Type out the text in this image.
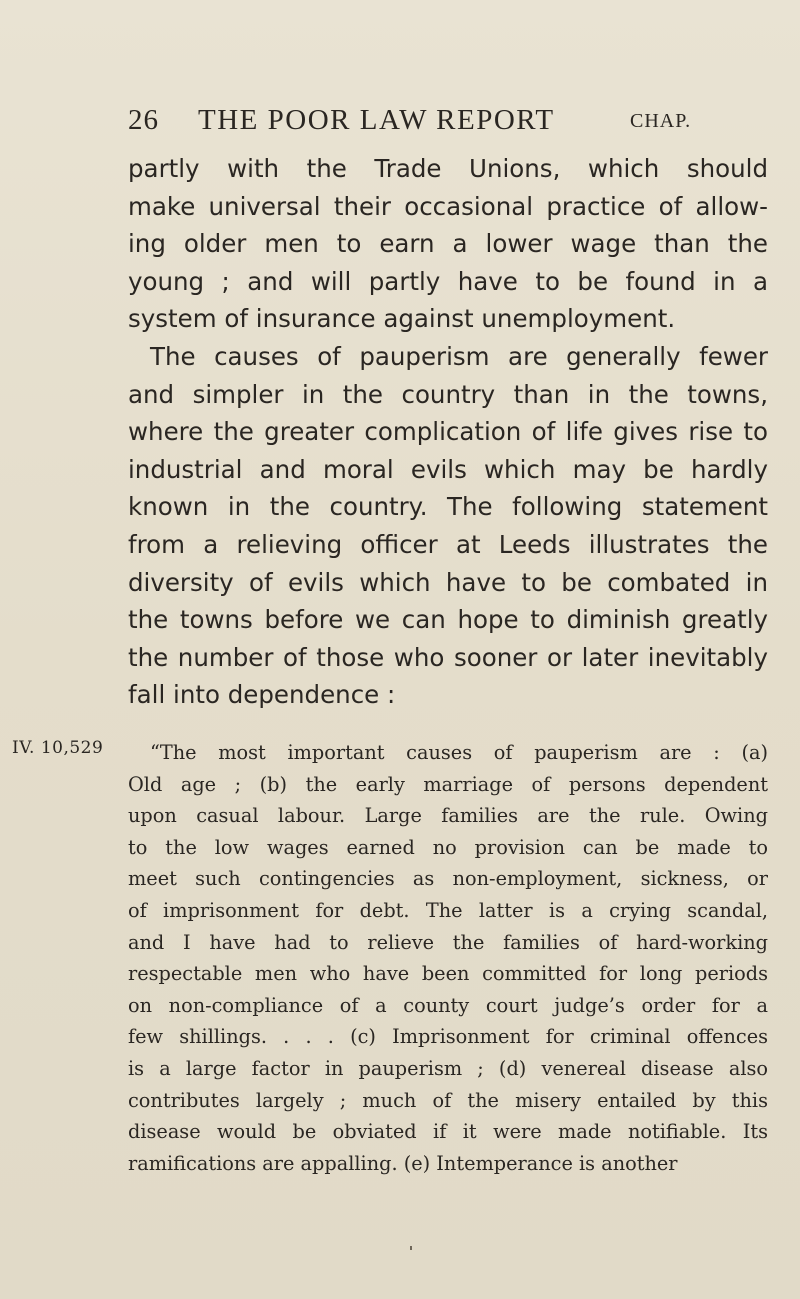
26 THE POOR LAW REPORT	CHAP.
partly with the Trade Unions, which should
make universal their occasional practice of allow-
ing older men to earn a lower wage than the
young ; and will partly have to be found in a
system of insurance against unemployment.
The causes of pauperism are generally fewer
and simpler in the country than in the towns,
where the greater complication of life gives rise to
industrial and moral evils which may be hardly
known in the country. The following statement
from a relieving officer at Leeds illustrates the
diversity of evils which have to be combated in
the towns before we can hope to diminish greatly
the number of those who sooner or later inevitably
fall into dependence :
IV. 10,529	“The most important causes of pauperism are : (a)
Old age ; (b) the early marriage of persons dependent
upon casual labour. Large families are the rule. Owing
to the low wages earned no provision can be made to
meet such contingencies as non-employment, sickness, or
of imprisonment for debt. The latter is a crying scandal,
and I have had to relieve the families of hard-working
respectable men who have been committed for long periods
on non-compliance of a county court judge’s order for a
few shillings. . . . (c) Imprisonment for criminal offences
is a large factor in pauperism ; (d) venereal disease also
contributes largely ; much of the misery entailed by this
disease would be obviated if it were made notifiable. Its
ramifications are appalling. (e) Intemperance is another
